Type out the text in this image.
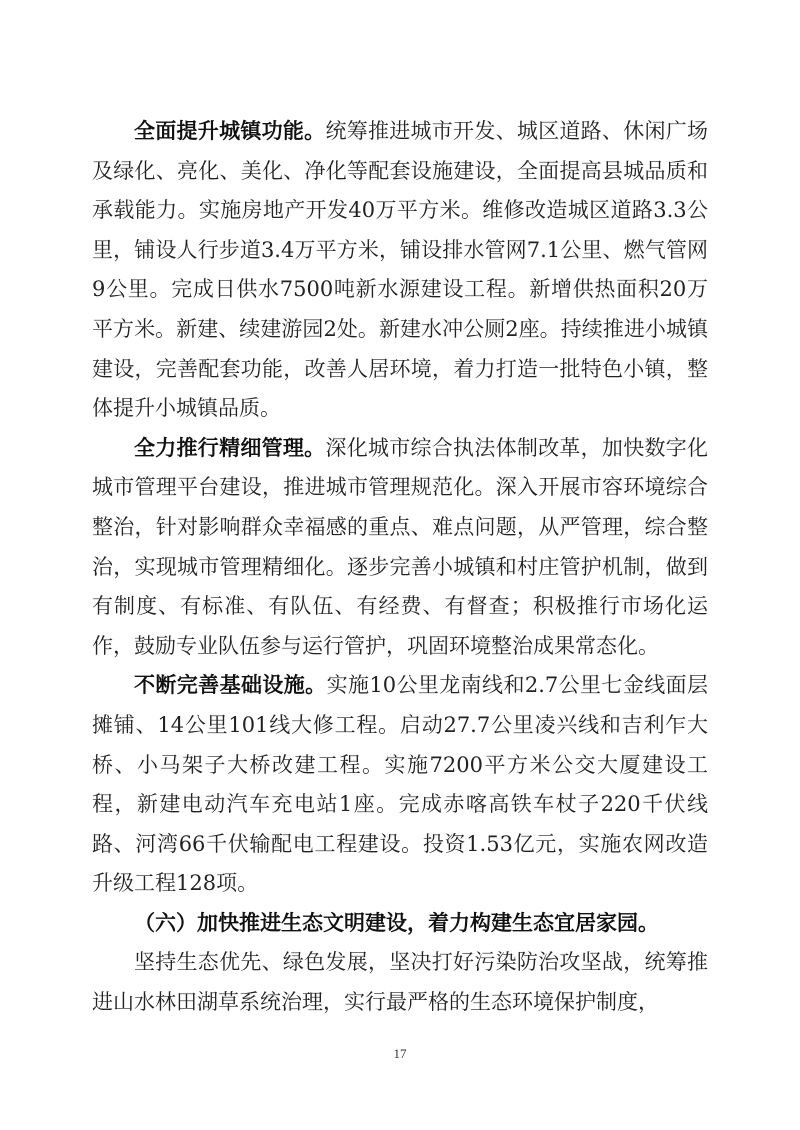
全面提升城镇功能。统筹推进城市开发、城区道路、休闲广场及绿化、亮化、美化、净化等配套设施建设，全面提高县城品质和承载能力。实施房地产开发40万平方米。维修改造城区道路3.3公里，铺设人行步道3.4万平方米，铺设排水管网7.1公里、燃气管网9公里。完成日供水7500吨新水源建设工程。新增供热面积20万平方米。新建、续建游园2处。新建水冲公厕2座。持续推进小城镇建设，完善配套功能，改善人居环境，着力打造一批特色小镇，整体提升小城镇品质。

全力推行精细管理。深化城市综合执法体制改革，加快数字化城市管理平台建设，推进城市管理规范化。深入开展市容环境综合整治，针对影响群众幸福感的重点、难点问题，从严管理，综合整治，实现城市管理精细化。逐步完善小城镇和村庄管护机制，做到有制度、有标准、有队伍、有经费、有督查；积极推行市场化运作，鼓励专业队伍参与运行管护，巩固环境整治成果常态化。

不断完善基础设施。实施10公里龙南线和2.7公里七金线面层摊铺、14公里101线大修工程。启动27.7公里凌兴线和吉利乍大桥、小马架子大桥改建工程。实施7200平方米公交大厦建设工程，新建电动汽车充电站1座。完成赤喀高铁车杖子220千伏线路、河湾66千伏输配电工程建设。投资1.53亿元，实施农网改造升级工程128项。

（六）加快推进生态文明建设，着力构建生态宜居家园。

坚持生态优先、绿色发展，坚决打好污染防治攻坚战，统筹推进山水林田湖草系统治理，实行最严格的生态环境保护制度，

17
